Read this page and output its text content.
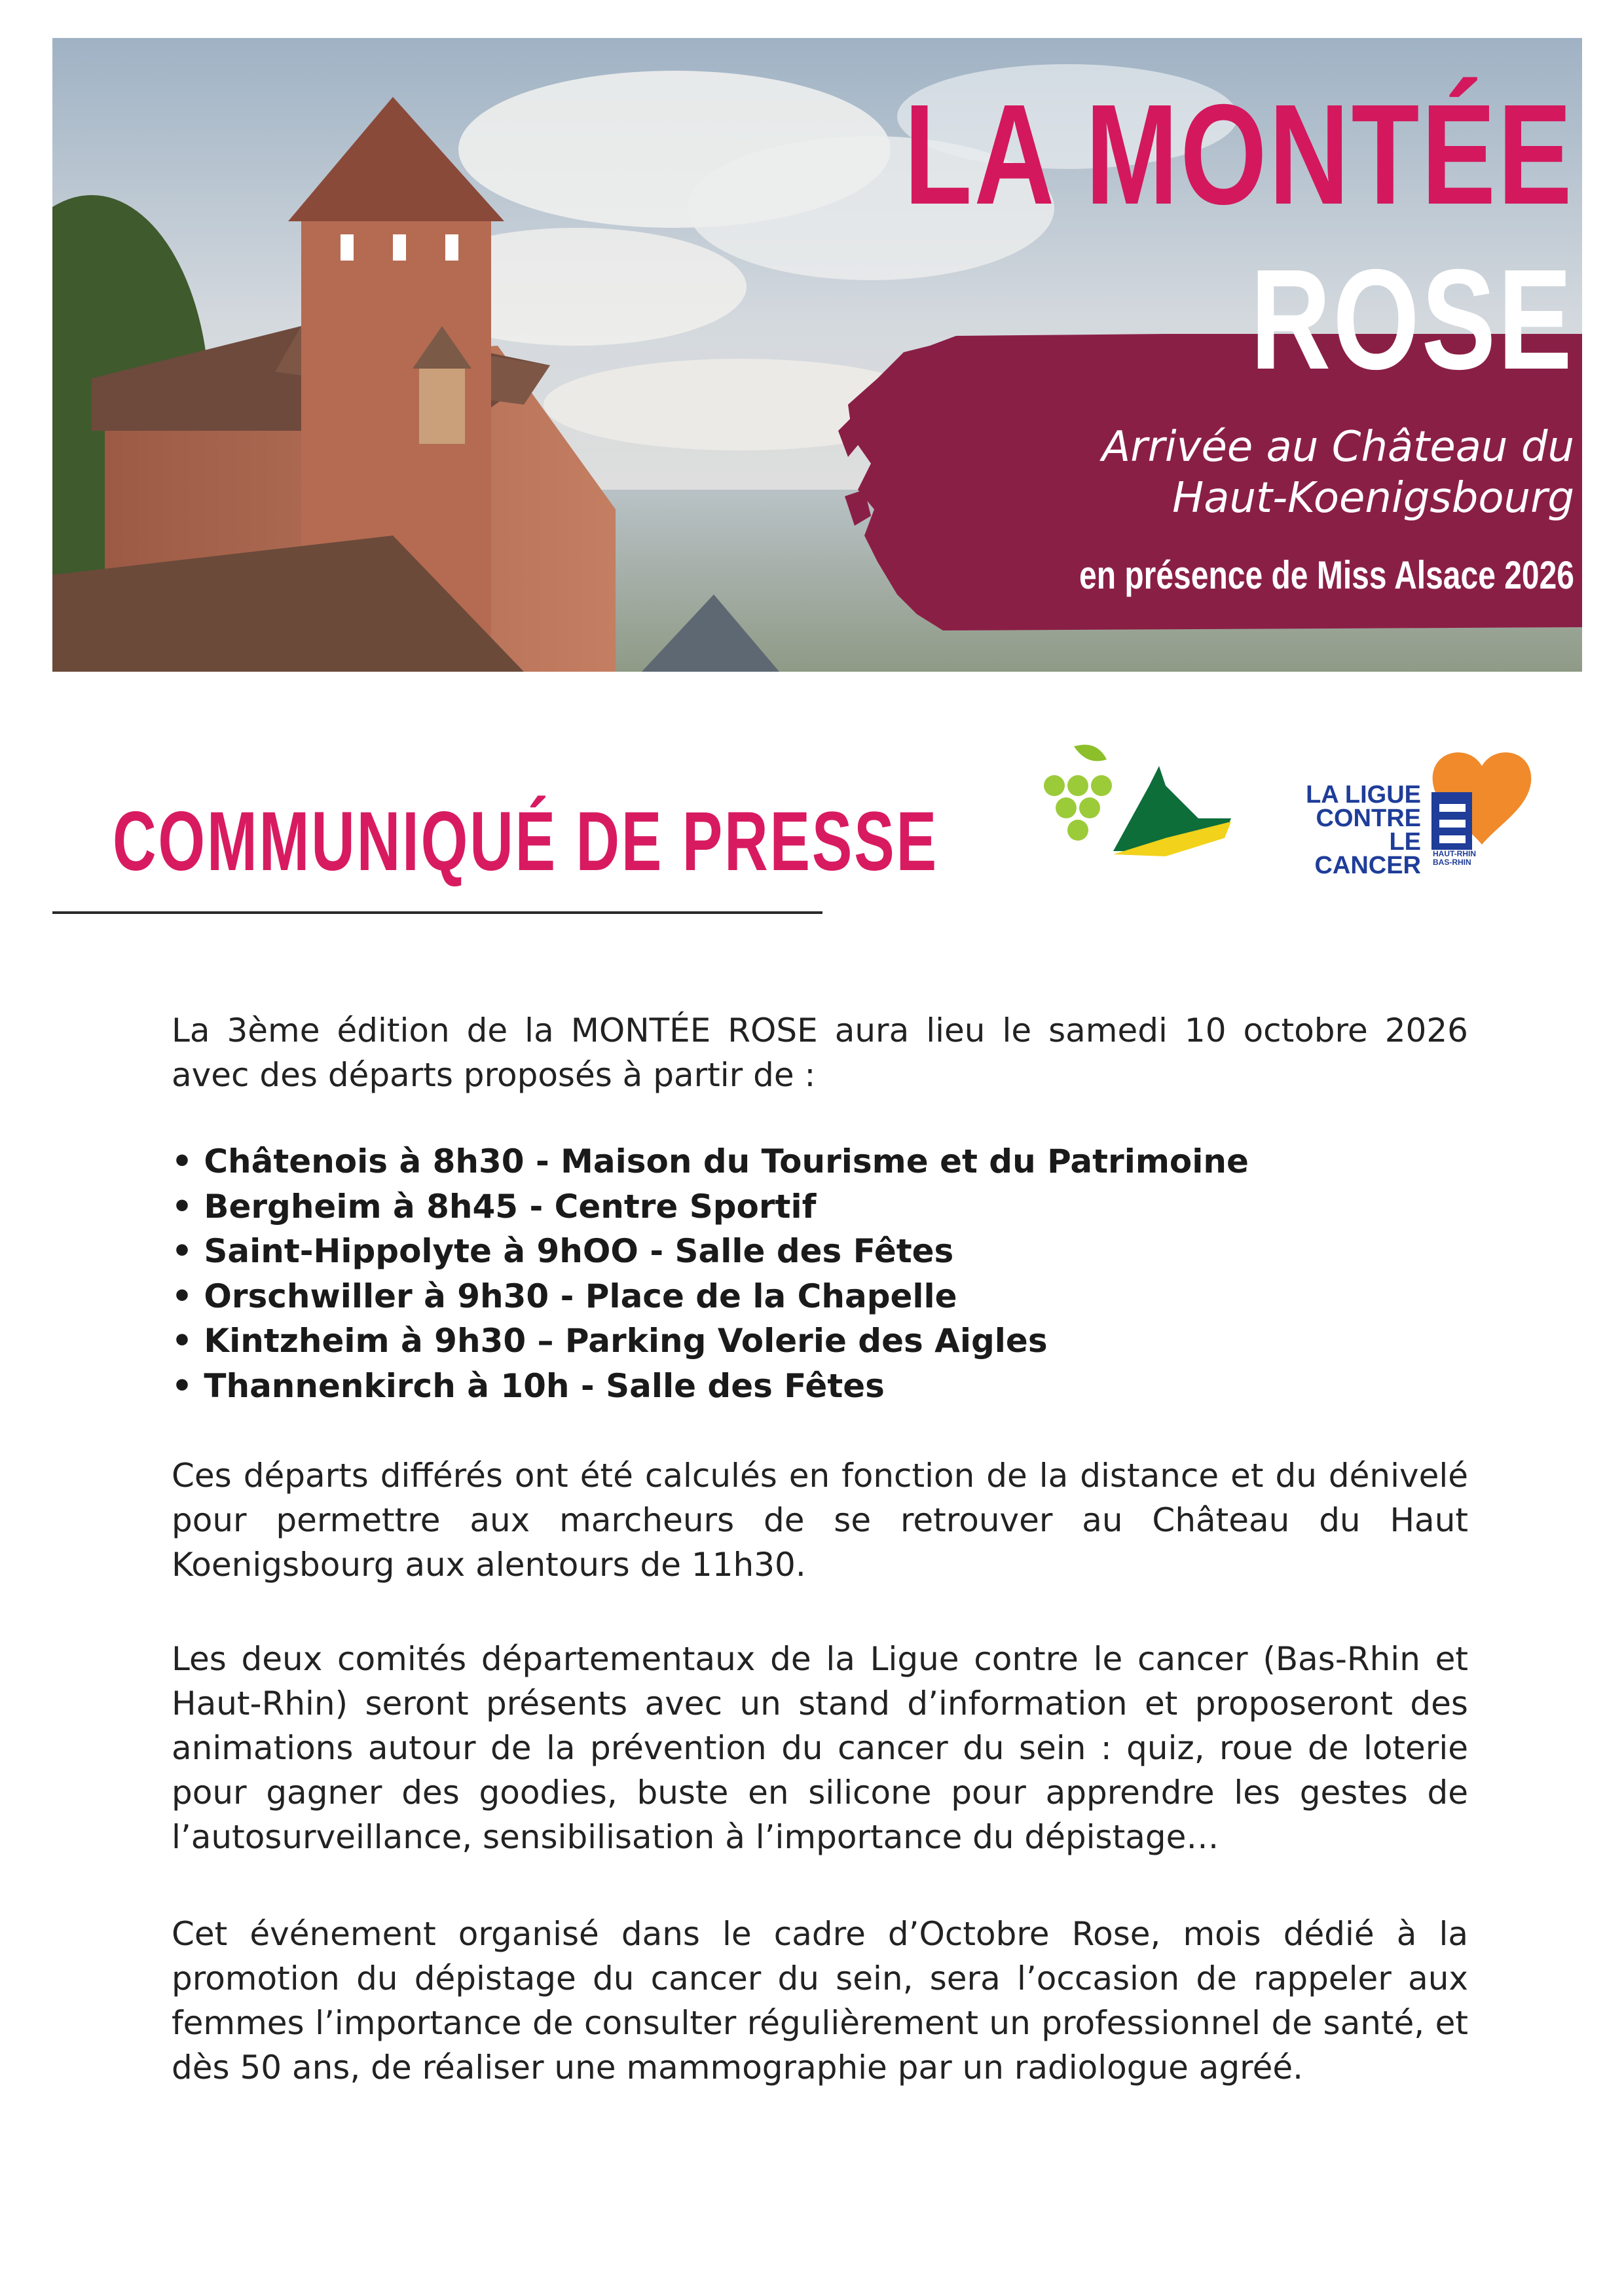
LA MONTÉE
ROSE
Arrivée au Château du
Haut-Koenigsbourg
en présence de Miss Alsace 2026
COMMUNIQUÉ DE PRESSE	LA LIGUE
CONTRE
LE CANCER HAUT-RHIN
BAS-RHIN

La 3ème édition de la MONTÉE ROSE aura lieu le samedi 10 octobre 2026 avec des départs proposés à partir de :

• Châtenois à 8h30 - Maison du Tourisme et du Patrimoine
• Bergheim à 8h45 - Centre Sportif
• Saint-Hippolyte à 9hOO - Salle des Fêtes
• Orschwiller à 9h30 - Place de la Chapelle
• Kintzheim à 9h30 – Parking Volerie des Aigles
• Thannenkirch à 10h - Salle des Fêtes

Ces départs différés ont été calculés en fonction de la distance et du dénivelé pour permettre aux marcheurs de se retrouver au Château du Haut Koenigsbourg aux alentours de 11h30.

Les deux comités départementaux de la Ligue contre le cancer (Bas-Rhin et Haut-Rhin) seront présents avec un stand d’information et proposeront des animations autour de la prévention du cancer du sein : quiz, roue de loterie pour gagner des goodies, buste en silicone pour apprendre les gestes de l’autosurveillance, sensibilisation à l’importance du dépistage…

Cet événement organisé dans le cadre d’Octobre Rose, mois dédié à la promotion du dépistage du cancer du sein, sera l’occasion de rappeler aux femmes l’importance de consulter régulièrement un professionnel de santé, et dès 50 ans, de réaliser une mammographie par un radiologue agréé.
